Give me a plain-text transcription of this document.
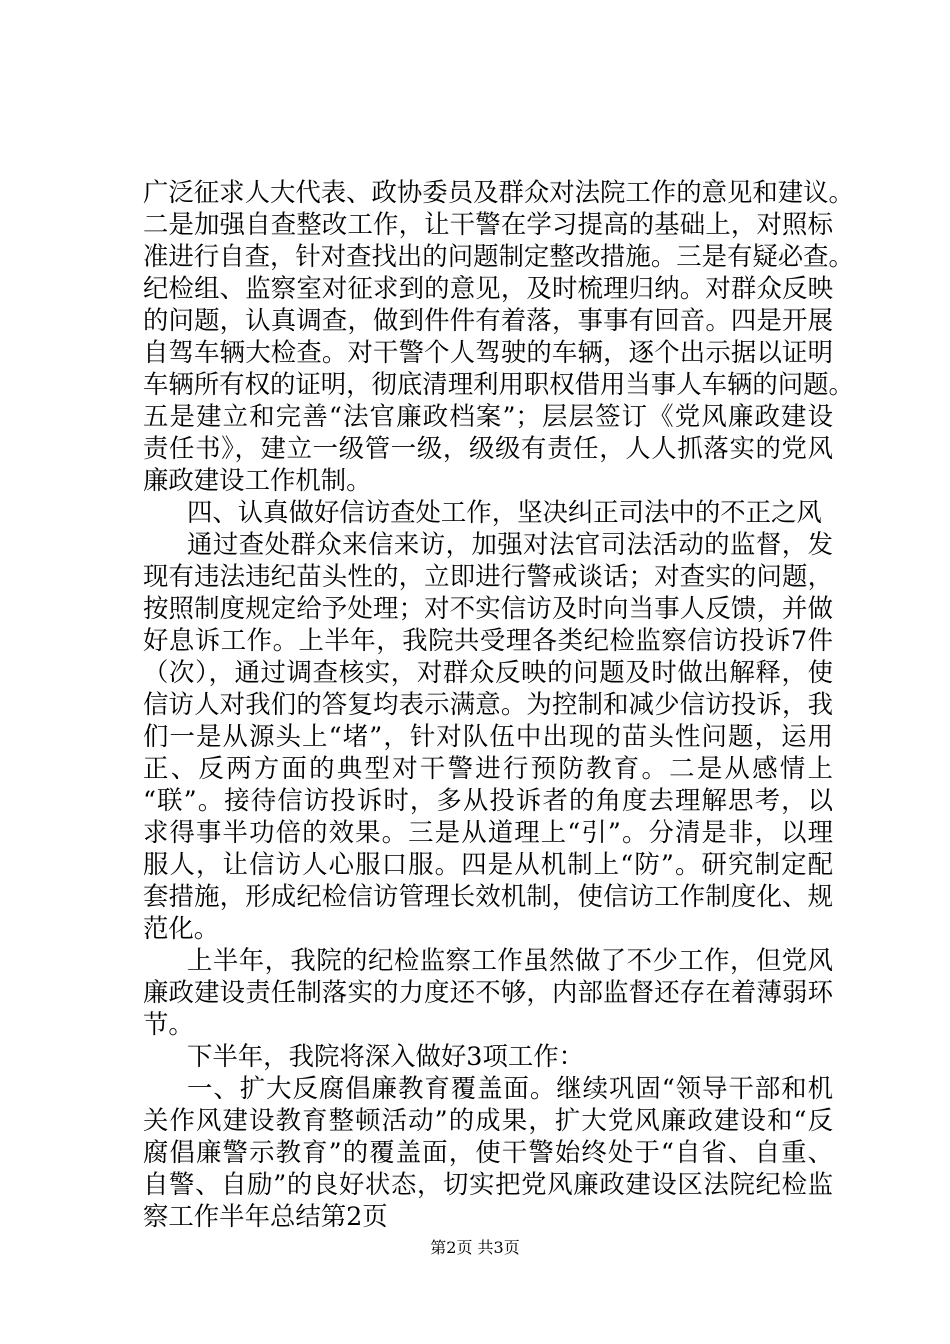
广泛征求人大代表、政协委员及群众对法院工作的意见和建议。
二是加强自查整改工作，让干警在学习提高的基础上，对照标
准进行自查，针对查找出的问题制定整改措施。三是有疑必查。
纪检组、监察室对征求到的意见，及时梳理归纳。对群众反映
的问题，认真调查，做到件件有着落，事事有回音。四是开展
自驾车辆大检查。对干警个人驾驶的车辆，逐个出示据以证明
车辆所有权的证明，彻底清理利用职权借用当事人车辆的问题。
五是建立和完善“法官廉政档案”；层层签订《党风廉政建设
责任书》，建立一级管一级，级级有责任，人人抓落实的党风
廉政建设工作机制。
四、认真做好信访查处工作，坚决纠正司法中的不正之风
通过查处群众来信来访，加强对法官司法活动的监督，发
现有违法违纪苗头性的，立即进行警戒谈话；对查实的问题，
按照制度规定给予处理；对不实信访及时向当事人反馈，并做
好息诉工作。上半年，我院共受理各类纪检监察信访投诉7件
（次），通过调查核实，对群众反映的问题及时做出解释，使
信访人对我们的答复均表示满意。为控制和减少信访投诉，我
们一是从源头上“堵”，针对队伍中出现的苗头性问题，运用
正、反两方面的典型对干警进行预防教育。二是从感情上
“联”。接待信访投诉时，多从投诉者的角度去理解思考，以
求得事半功倍的效果。三是从道理上“引”。分清是非，以理
服人，让信访人心服口服。四是从机制上“防”。研究制定配
套措施，形成纪检信访管理长效机制，使信访工作制度化、规
范化。
上半年，我院的纪检监察工作虽然做了不少工作，但党风
廉政建设责任制落实的力度还不够，内部监督还存在着薄弱环
节。
下半年，我院将深入做好3项工作：
一、扩大反腐倡廉教育覆盖面。继续巩固“领导干部和机
关作风建设教育整顿活动”的成果，扩大党风廉政建设和“反
腐倡廉警示教育”的覆盖面，使干警始终处于“自省、自重、
自警、自励”的良好状态，切实把党风廉政建设区法院纪检监
察工作半年总结第2页
第2页 共3页
